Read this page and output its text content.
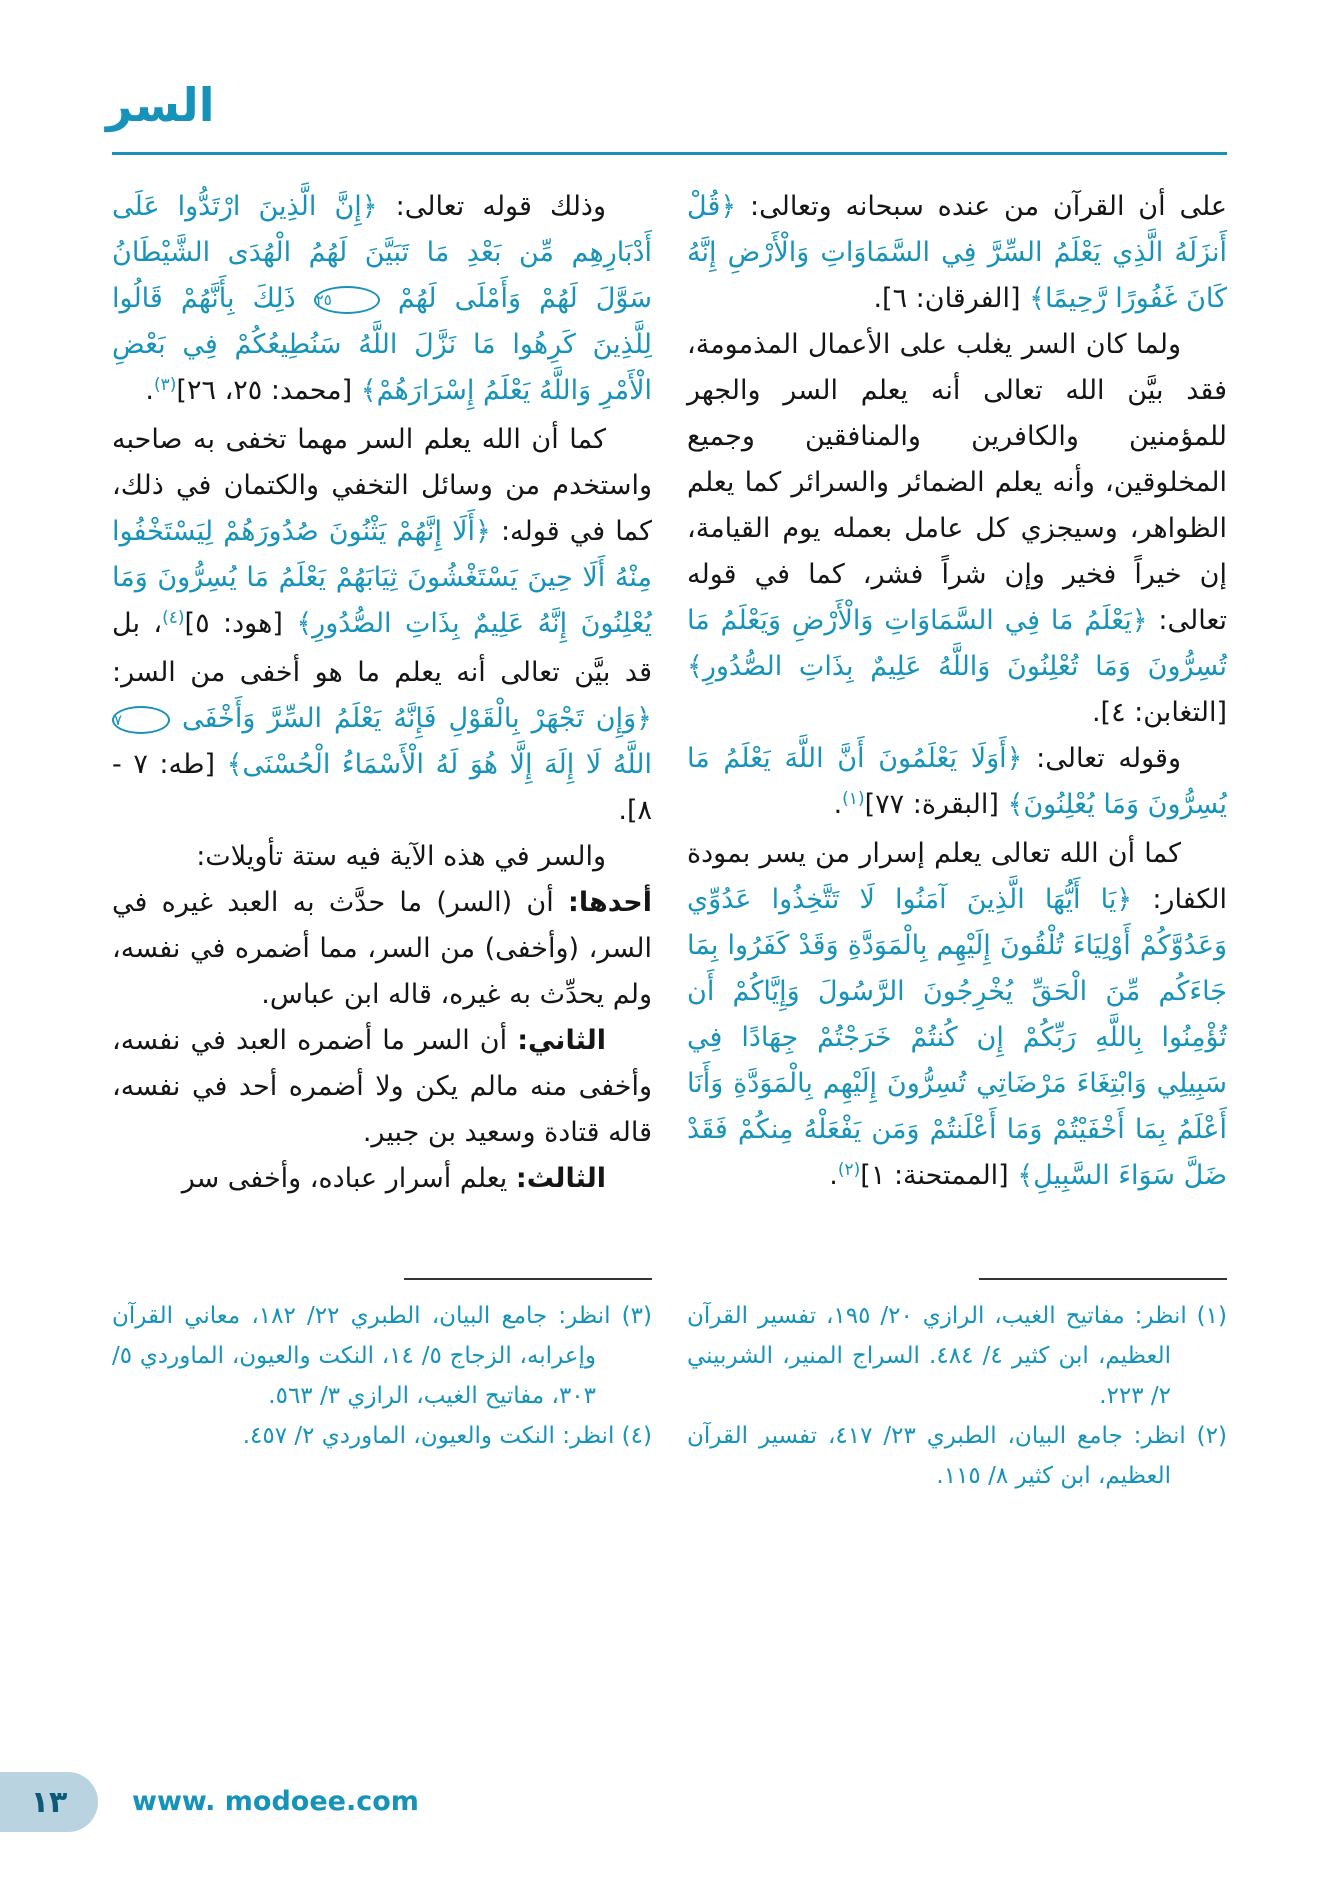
السر

على أن القرآن من عنده سبحانه وتعالى: ﴿قُلْ أَنزَلَهُ الَّذِي يَعْلَمُ السِّرَّ فِي السَّمَاوَاتِ وَالْأَرْضِ إِنَّهُ كَانَ غَفُورًا رَّحِيمًا﴾ [الفرقان: ٦].

ولما كان السر يغلب على الأعمال المذمومة، فقد بيَّن الله تعالى أنه يعلم السر والجهر للمؤمنين والكافرين والمنافقين وجميع المخلوقين، وأنه يعلم الضمائر والسرائر كما يعلم الظواهر، وسيجزي كل عامل بعمله يوم القيامة، إن خيراً فخير وإن شراً فشر، كما في قوله تعالى: ﴿يَعْلَمُ مَا فِي السَّمَاوَاتِ وَالْأَرْضِ وَيَعْلَمُ مَا تُسِرُّونَ وَمَا تُعْلِنُونَ وَاللَّهُ عَلِيمٌ بِذَاتِ الصُّدُورِ﴾ [التغابن: ٤].

وقوله تعالى: ﴿أَوَلَا يَعْلَمُونَ أَنَّ اللَّهَ يَعْلَمُ مَا يُسِرُّونَ وَمَا يُعْلِنُونَ﴾ [البقرة: ٧٧]$^{(١)}$.

كما أن الله تعالى يعلم إسرار من يسر بمودة الكفار: ﴿يَا أَيُّهَا الَّذِينَ آمَنُوا لَا تَتَّخِذُوا عَدُوِّي وَعَدُوَّكُمْ أَوْلِيَاءَ تُلْقُونَ إِلَيْهِم بِالْمَوَدَّةِ وَقَدْ كَفَرُوا بِمَا جَاءَكُم مِّنَ الْحَقِّ يُخْرِجُونَ الرَّسُولَ وَإِيَّاكُمْ أَن تُؤْمِنُوا بِاللَّهِ رَبِّكُمْ إِن كُنتُمْ خَرَجْتُمْ جِهَادًا فِي سَبِيلِي وَابْتِغَاءَ مَرْضَاتِي تُسِرُّونَ إِلَيْهِم بِالْمَوَدَّةِ وَأَنَا أَعْلَمُ بِمَا أَخْفَيْتُمْ وَمَا أَعْلَنتُمْ وَمَن يَفْعَلْهُ مِنكُمْ فَقَدْ ضَلَّ سَوَاءَ السَّبِيلِ﴾ [الممتحنة: ١]$^{(٢)}$.

وذلك قوله تعالى: ﴿إِنَّ الَّذِينَ ارْتَدُّوا عَلَى أَدْبَارِهِم مِّن بَعْدِ مَا تَبَيَّنَ لَهُمُ الْهُدَى الشَّيْطَانُ سَوَّلَ لَهُمْ وَأَمْلَى لَهُمْ ٢٥ ذَلِكَ بِأَنَّهُمْ قَالُوا لِلَّذِينَ كَرِهُوا مَا نَزَّلَ اللَّهُ سَنُطِيعُكُمْ فِي بَعْضِ الْأَمْرِ وَاللَّهُ يَعْلَمُ إِسْرَارَهُمْ﴾ [محمد: ٢٥، ٢٦]$^{(٣)}$.

كما أن الله يعلم السر مهما تخفى به صاحبه واستخدم من وسائل التخفي والكتمان في ذلك، كما في قوله: ﴿أَلَا إِنَّهُمْ يَثْنُونَ صُدُورَهُمْ لِيَسْتَخْفُوا مِنْهُ أَلَا حِينَ يَسْتَغْشُونَ ثِيَابَهُمْ يَعْلَمُ مَا يُسِرُّونَ وَمَا يُعْلِنُونَ إِنَّهُ عَلِيمٌ بِذَاتِ الصُّدُورِ﴾ [هود: ٥]$^{(٤)}$، بل قد بيَّن تعالى أنه يعلم ما هو أخفى من السر: ﴿وَإِن تَجْهَرْ بِالْقَوْلِ فَإِنَّهُ يَعْلَمُ السِّرَّ وَأَخْفَى ٧ اللَّهُ لَا إِلَهَ إِلَّا هُوَ لَهُ الْأَسْمَاءُ الْحُسْنَى﴾ [طه: ٧ - ٨].

والسر في هذه الآية فيه ستة تأويلات:

أحدها: أن (السر) ما حدَّث به العبد غيره في السر، (وأخفى) من السر، مما أضمره في نفسه، ولم يحدِّث به غيره، قاله ابن عباس.

الثاني: أن السر ما أضمره العبد في نفسه، وأخفى منه مالم يكن ولا أضمره أحد في نفسه، قاله قتادة وسعيد بن جبير.

الثالث: يعلم أسرار عباده، وأخفى سر

(١) انظر: مفاتيح الغيب، الرازي ٢٠/ ١٩٥، تفسير القرآن العظيم، ابن كثير ٤/ ٤٨٤. السراج المنير، الشربيني ٢/ ٢٢٣.
(٢) انظر: جامع البيان، الطبري ٢٣/ ٤١٧، تفسير القرآن العظيم، ابن كثير ٨/ ١١٥.
(٣) انظر: جامع البيان، الطبري ٢٢/ ١٨٢، معاني القرآن وإعرابه، الزجاج ٥/ ١٤، النكت والعيون، الماوردي ٥/ ٣٠٣، مفاتيح الغيب، الرازي ٣/ ٥٦٣.
(٤) انظر: النكت والعيون، الماوردي ٢/ ٤٥٧.
١٣ www. modoee.com
